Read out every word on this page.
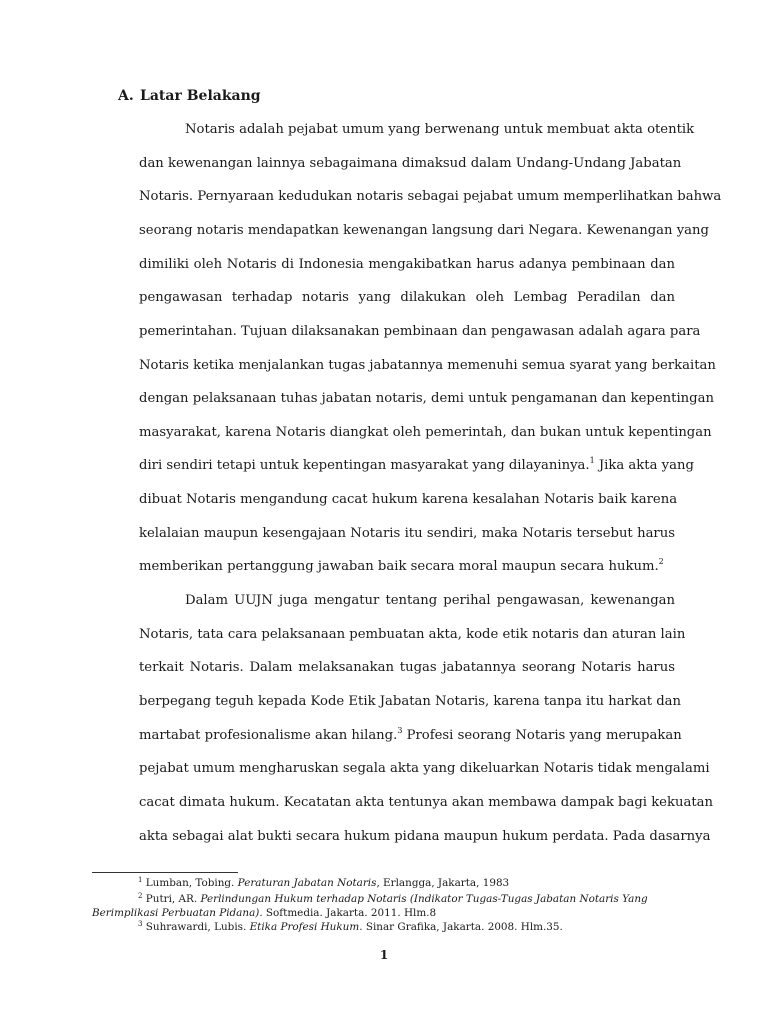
A. Latar Belakang
Notaris adalah pejabat umum yang berwenang untuk membuat akta otentik
dan kewenangan lainnya sebagaimana dimaksud dalam Undang-Undang Jabatan
Notaris. Pernyaraan kedudukan notaris sebagai pejabat umum memperlihatkan bahwa
seorang notaris mendapatkan kewenangan langsung dari Negara. Kewenangan yang
dimiliki oleh Notaris di Indonesia mengakibatkan harus adanya pembinaan dan
pengawasan terhadap notaris yang dilakukan oleh Lembag Peradilan dan
pemerintahan. Tujuan dilaksanakan pembinaan dan pengawasan adalah agara para
Notaris ketika menjalankan tugas jabatannya memenuhi semua syarat yang berkaitan
dengan pelaksanaan tuhas jabatan notaris, demi untuk pengamanan dan kepentingan
masyarakat, karena Notaris diangkat oleh pemerintah, dan bukan untuk kepentingan
diri sendiri tetapi untuk kepentingan masyarakat yang dilayaninya.$^1$ Jika akta yang
dibuat Notaris mengandung cacat hukum karena kesalahan Notaris baik karena
kelalaian maupun kesengajaan Notaris itu sendiri, maka Notaris tersebut harus
memberikan pertanggung jawaban baik secara moral maupun secara hukum.$^2$
Dalam UUJN juga mengatur tentang perihal pengawasan, kewenangan
Notaris, tata cara pelaksanaan pembuatan akta, kode etik notaris dan aturan lain
terkait Notaris. Dalam melaksanakan tugas jabatannya seorang Notaris harus
berpegang teguh kepada Kode Etik Jabatan Notaris, karena tanpa itu harkat dan
martabat profesionalisme akan hilang.$^3$ Profesi seorang Notaris yang merupakan
pejabat umum mengharuskan segala akta yang dikeluarkan Notaris tidak mengalami
cacat dimata hukum. Kecatatan akta tentunya akan membawa dampak bagi kekuatan
akta sebagai alat bukti secara hukum pidana maupun hukum perdata. Pada dasarnya
$^1$ Lumban, Tobing. Peraturan Jabatan Notaris, Erlangga, Jakarta, 1983
$^2$ Putri, AR. Perlindungan Hukum terhadap Notaris (Indikator Tugas-Tugas Jabatan Notaris Yang
Berimplikasi Perbuatan Pidana). Softmedia. Jakarta. 2011. Hlm.8
$^3$ Suhrawardi, Lubis. Etika Profesi Hukum. Sinar Grafika, Jakarta. 2008. Hlm.35.
1
